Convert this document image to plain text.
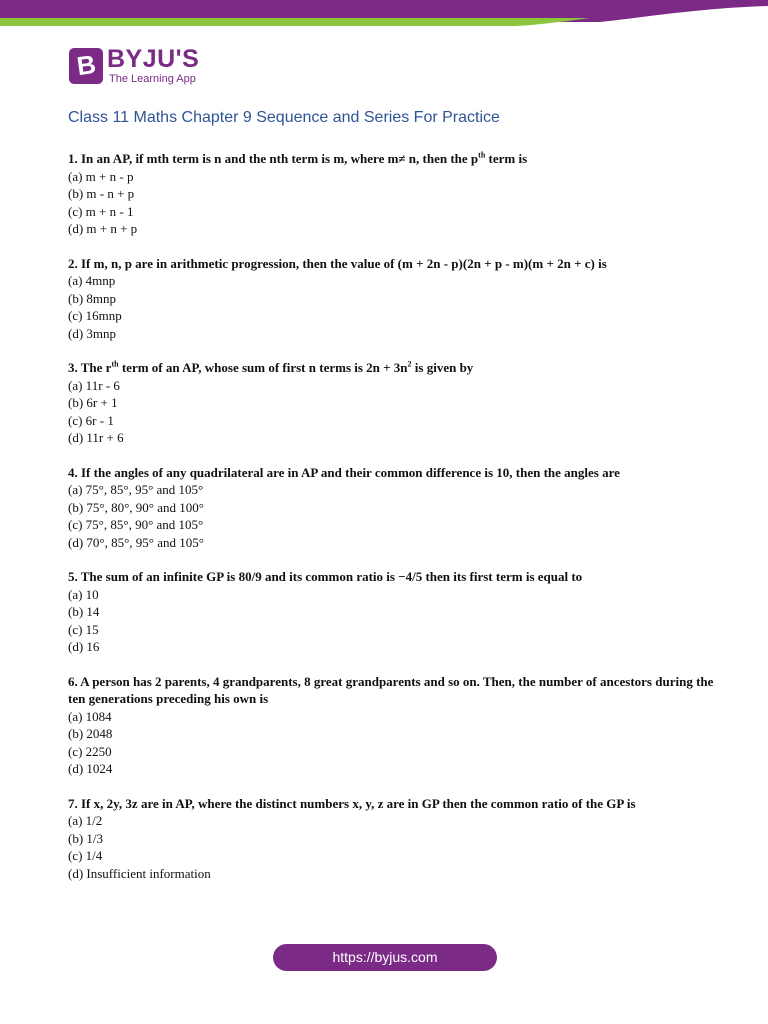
B BYJU'S
The Learning App
Class 11 Maths Chapter 9 Sequence and Series For Practice
1. In an AP, if mth term is n and the nth term is m, where m≠ n, then the $p^{th}$ term is
(a) m + n - p
(b) m - n + p
(c) m + n - 1
(d) m + n + p
2. If m, n, p are in arithmetic progression, then the value of (m + 2n - p)(2n + p - m)(m + 2n + c) is
(a) 4mnp
(b) 8mnp
(c) 16mnp
(d) 3mnp
3. The $r^{th}$ term of an AP, whose sum of first n terms is $2n + 3n^2$ is given by
(a) 11r - 6
(b) 6r + 1
(c) 6r - 1
(d) 11r + 6
4. If the angles of any quadrilateral are in AP and their common difference is 10, then the angles are
(a) 75°, 85°, 95° and 105°
(b) 75°, 80°, 90° and 100°
(c) 75°, 85°, 90° and 105°
(d) 70°, 85°, 95° and 105°
5. The sum of an infinite GP is 80/9 and its common ratio is −4/5 then its first term is equal to
(a) 10
(b) 14
(c) 15
(d) 16
6. A person has 2 parents, 4 grandparents, 8 great grandparents and so on. Then, the number of ancestors during the ten generations preceding his own is
(a) 1084
(b) 2048
(c) 2250
(d) 1024
7. If x, 2y, 3z are in AP, where the distinct numbers x, y, z are in GP then the common ratio of the GP is
(a) 1/2
(b) 1/3
(c) 1/4
(d) Insufficient information
https://byjus.com
